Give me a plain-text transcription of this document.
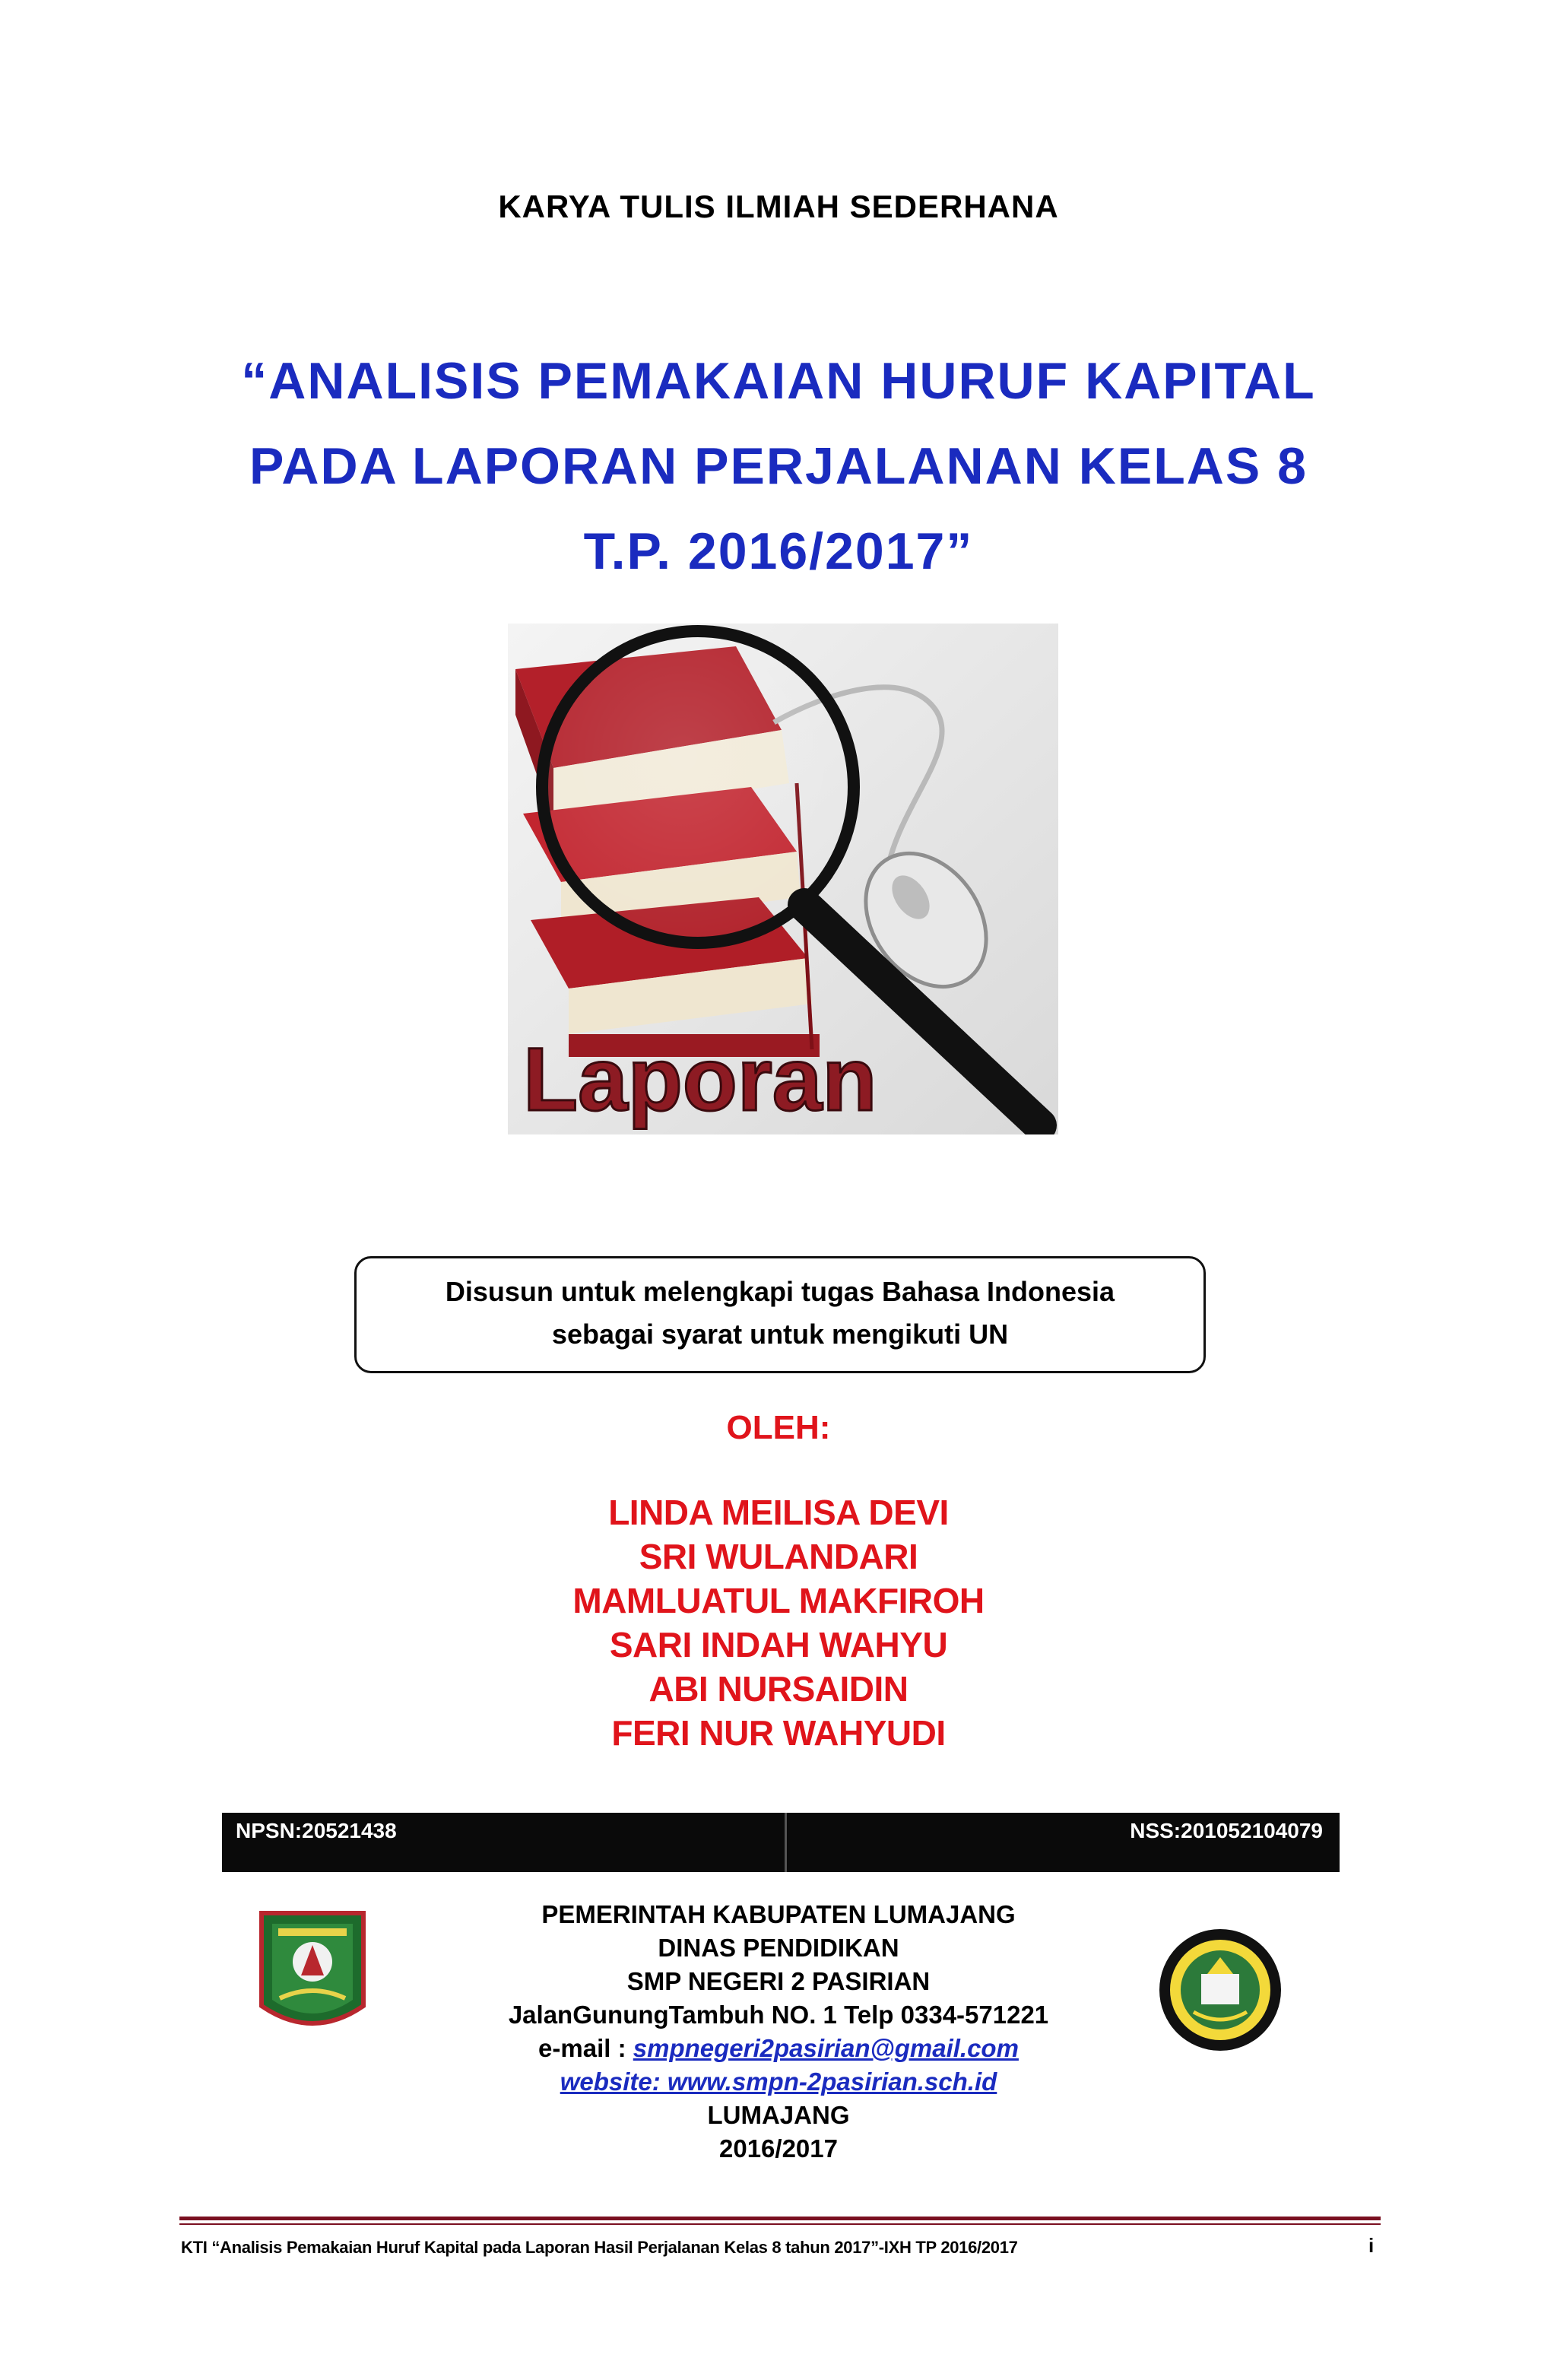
KARYA TULIS ILMIAH SEDERHANA
“ANALISIS PEMAKAIAN HURUF KAPITAL
PADA LAPORAN PERJALANAN KELAS 8
T.P. 2016/2017”
Laporan
Disusun untuk melengkapi tugas Bahasa Indonesia
sebagai syarat untuk mengikuti UN
OLEH:
LINDA MEILISA DEVI
SRI WULANDARI
MAMLUATUL MAKFIROH
SARI INDAH WAHYU
ABI NURSAIDIN
FERI NUR WAHYUDI
NPSN:20521438	NSS:201052104079
PEMERINTAH KABUPATEN LUMAJANG
DINAS PENDIDIKAN
SMP NEGERI 2 PASIRIAN
JalanGunungTambuh NO. 1 Telp 0334-571221
e-mail : smpnegeri2pasirian@gmail.com
website: www.smpn-2pasirian.sch.id
LUMAJANG
2016/2017
KTI “Analisis Pemakaian Huruf Kapital pada Laporan Hasil Perjalanan Kelas 8 tahun 2017”-IXH TP 2016/2017	i
